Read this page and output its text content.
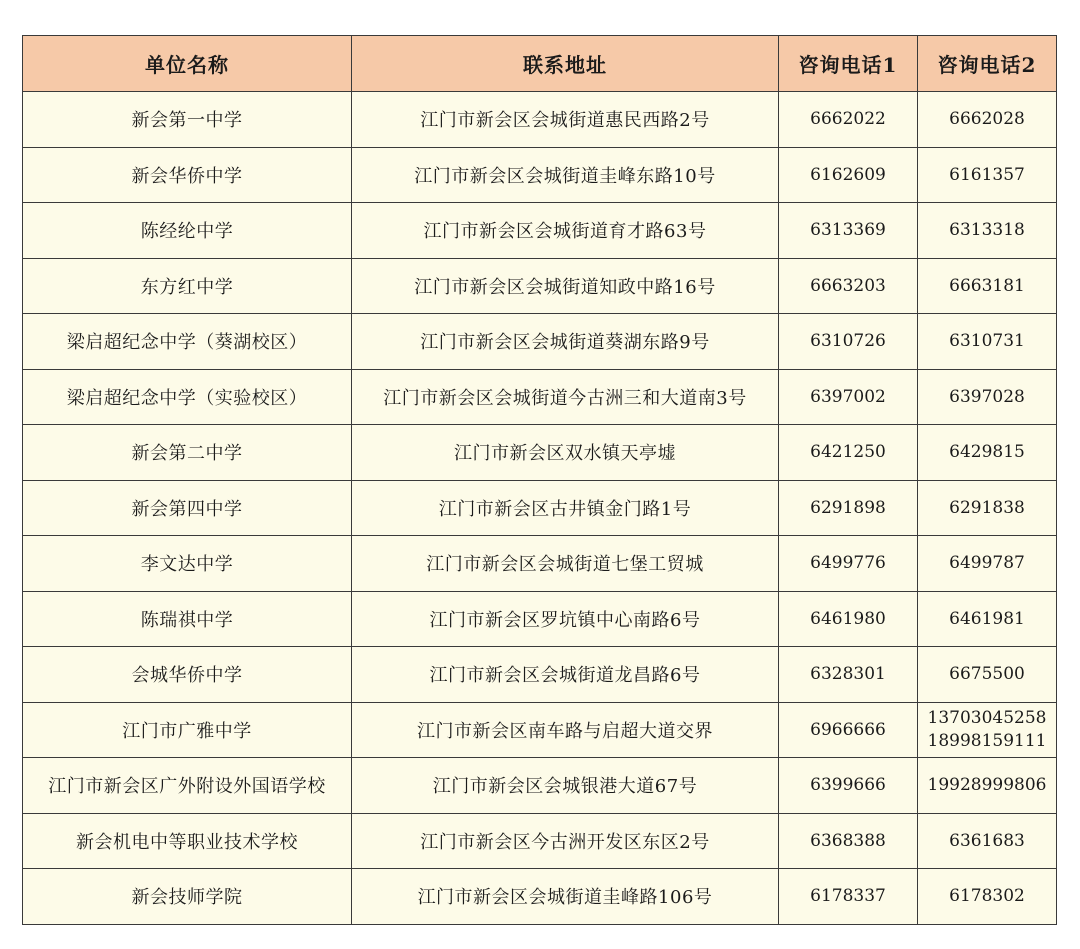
单位名称	联系地址	咨询电话1	咨询电话2
新会第一中学	江门市新会区会城街道惠民西路2号	6662022	6662028

新会华侨中学	江门市新会区会城街道圭峰东路10号	6162609	6161357

陈经纶中学	江门市新会区会城街道育才路63号	6313369	6313318

东方红中学	江门市新会区会城街道知政中路16号	6663203	6663181

梁启超纪念中学（葵湖校区）	江门市新会区会城街道葵湖东路9号	6310726	6310731

梁启超纪念中学（实验校区）	江门市新会区会城街道今古洲三和大道南3号	6397002	6397028

新会第二中学	江门市新会区双水镇天亭墟	6421250	6429815

新会第四中学	江门市新会区古井镇金门路1号	6291898	6291838

李文达中学	江门市新会区会城街道七堡工贸城	6499776	6499787

陈瑞祺中学	江门市新会区罗坑镇中心南路6号	6461980	6461981

会城华侨中学	江门市新会区会城街道龙昌路6号	6328301	6675500

江门市广雅中学	江门市新会区南车路与启超大道交界	6966666	13703045258
18998159111

江门市新会区广外附设外国语学校	江门市新会区会城银港大道67号	6399666	19928999806

新会机电中等职业技术学校	江门市新会区今古洲开发区东区2号	6368388	6361683

新会技师学院	江门市新会区会城街道圭峰路106号	6178337	6178302
